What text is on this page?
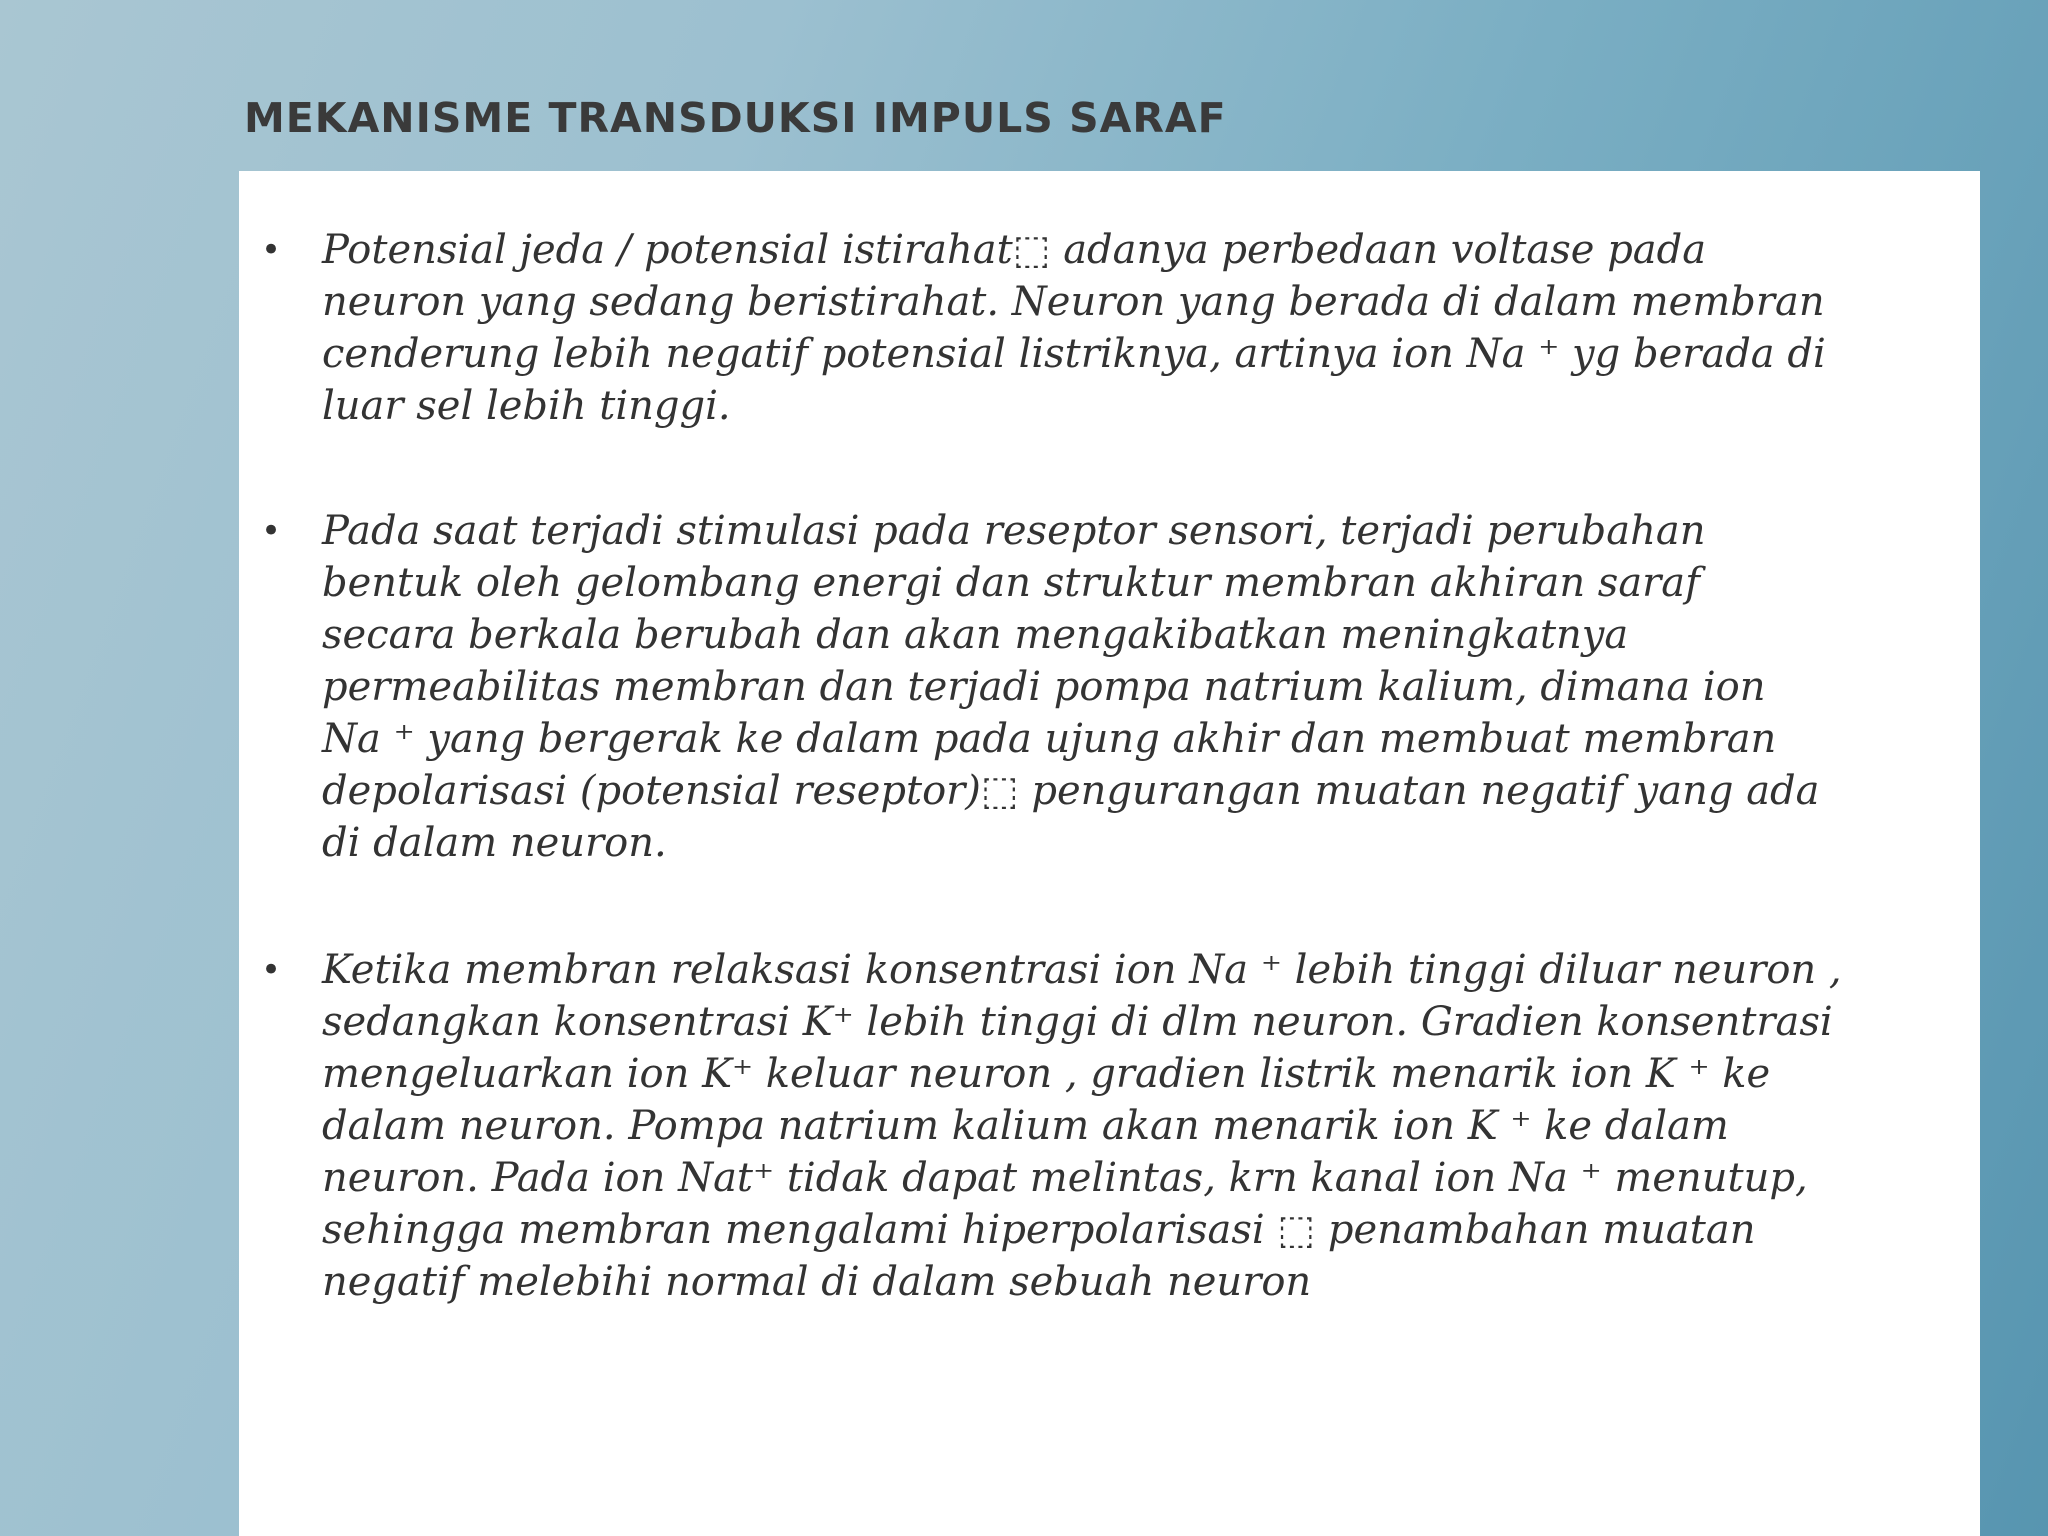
MEKANISME TRANSDUKSI IMPULS SARAF
• Potensial jeda / potensial istirahat⬚ adanya perbedaan voltase pada
neuron yang sedang beristirahat. Neuron yang berada di dalam membran
cenderung lebih negatif potensial listriknya, artinya ion Na ⁺ yg berada di
luar sel lebih tinggi.
• Pada saat terjadi stimulasi pada reseptor sensori, terjadi perubahan
bentuk oleh gelombang energi dan struktur membran akhiran saraf
secara berkala berubah dan akan mengakibatkan meningkatnya
permeabilitas membran dan terjadi pompa natrium kalium, dimana ion
Na ⁺ yang bergerak ke dalam pada ujung akhir dan membuat membran
depolarisasi (potensial reseptor)⬚ pengurangan muatan negatif yang ada
di dalam neuron.
• Ketika membran relaksasi konsentrasi ion Na ⁺ lebih tinggi diluar neuron ,
sedangkan konsentrasi K⁺ lebih tinggi di dlm neuron. Gradien konsentrasi
mengeluarkan ion K⁺ keluar neuron , gradien listrik menarik ion K ⁺ ke
dalam neuron. Pompa natrium kalium akan menarik ion K ⁺ ke dalam
neuron. Pada ion Nat⁺ tidak dapat melintas, krn kanal ion Na ⁺ menutup,
sehingga membran mengalami hiperpolarisasi ⬚ penambahan muatan
negatif melebihi normal di dalam sebuah neuron
